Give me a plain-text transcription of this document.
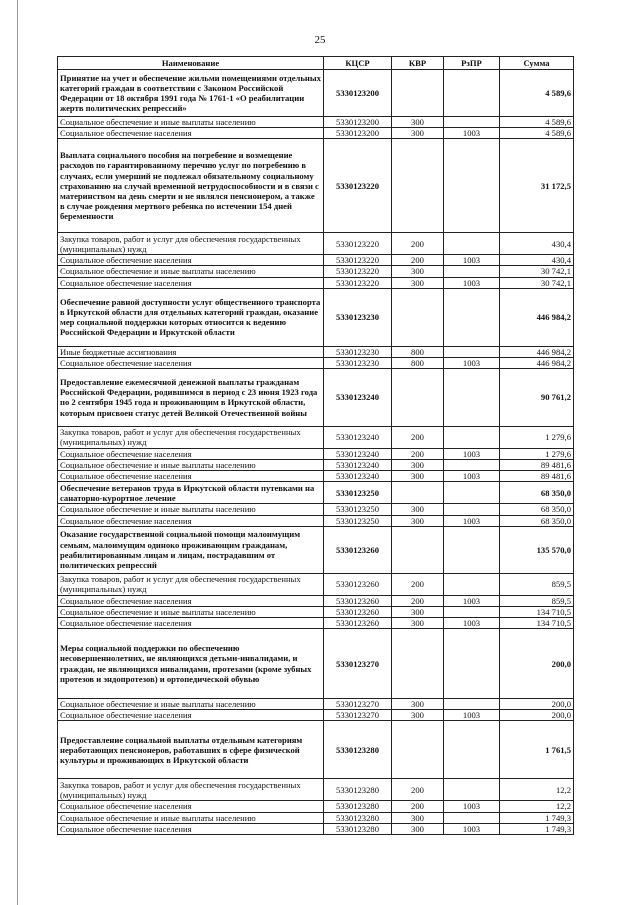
25
Наименование	КЦСР	КВР	РзПР	Сумма
Принятие на учет и обеспечение жильми помещениями отдельных категорий граждан в соответствии с Законом Российской Федерации от 18 октября 1991 года № 1761-1 «О реабилитации жертв политических репрессий»	5330123200			4 589,6
Социальное обеспечение и иные выплаты населению	5330123200	300		4 589,6
Социальное обеспечение населения	5330123200	300	1003	4 589,6
Выплата социального пособия на погребение и возмещение расходов по гарантированному перечню услуг по погребению в случаях, если умерший не подлежал обязательному социальному страхованию на случай временной нетрудоспособности и в связи с материнством на день смерти и не являлся пенсионером, а также в случае рождения мертвого ребенка по истечении 154 дней беременности	5330123220			31 172,5
Закупка товаров, работ и услуг для обеспечения государственных (муниципальных) нужд	5330123220	200		430,4
Социальное обеспечение населения	5330123220	200	1003	430,4
Социальное обеспечение и иные выплаты населению	5330123220	300		30 742,1
Социальное обеспечение населения	5330123220	300	1003	30 742,1
Обеспечение равной доступности услуг общественного транспорта в Иркутской области для отдельных категорий граждан, оказание мер социальной поддержки которых относится к ведению Российской Федерации и Иркутской области	5330123230			446 984,2
Иные бюджетные ассигнования	5330123230	800		446 984,2
Социальное обеспечение населения	5330123230	800	1003	446 984,2
Предоставление ежемесячной денежной выплаты гражданам Российской Федерации, родившимся в период с 23 июня 1923 года по 2 сентября 1945 года и проживающим в Иркутской области, которым присвоен статус детей Великой Отечественной войны	5330123240			90 761,2
Закупка товаров, работ и услуг для обеспечения государственных (муниципальных) нужд	5330123240	200		1 279,6
Социальное обеспечение населения	5330123240	200	1003	1 279,6
Социальное обеспечение и иные выплаты населению	5330123240	300		89 481,6
Социальное обеспечение населения	5330123240	300	1003	89 481,6
Обеспечение ветеранов труда в Иркутской области путевками на санаторно-курортное лечение	5330123250			68 350,0
Социальное обеспечение и иные выплаты населению	5330123250	300		68 350,0
Социальное обеспечение населения	5330123250	300	1003	68 350,0
Оказание государственной социальной помощи малоимущим семьям, малоимущим одиноко проживающим гражданам, реабилитированным лицам и лицам, пострадавшим от политических репрессий	5330123260			135 570,0
Закупка товаров, работ и услуг для обеспечения государственных (муниципальных) нужд	5330123260	200		859,5
Социальное обеспечение населения	5330123260	200	1003	859,5
Социальное обеспечение и иные выплаты населению	5330123260	300		134 710,5
Социальное обеспечение населения	5330123260	300	1003	134 710,5
Меры социальной поддержки по обеспечению несовершеннолетних, не являющихся детьми-инвалидами, и граждан, не являющихся инвалидами, протезами (кроме зубных протезов и эндопротезов) и ортопедической обувью	5330123270			200,0
Социальное обеспечение и иные выплаты населению	5330123270	300		200,0
Социальное обеспечение населения	5330123270	300	1003	200,0
Предоставление социальной выплаты отдельным категориям неработающих пенсионеров, работавших в сфере физической культуры и проживающих в Иркутской области	5330123280			1 761,5
Закупка товаров, работ и услуг для обеспечения государственных (муниципальных) нужд	5330123280	200		12,2
Социальное обеспечение населения	5330123280	200	1003	12,2
Социальное обеспечение и иные выплаты населению	5330123280	300		1 749,3
Социальное обеспечение населения	5330123280	300	1003	1 749,3
